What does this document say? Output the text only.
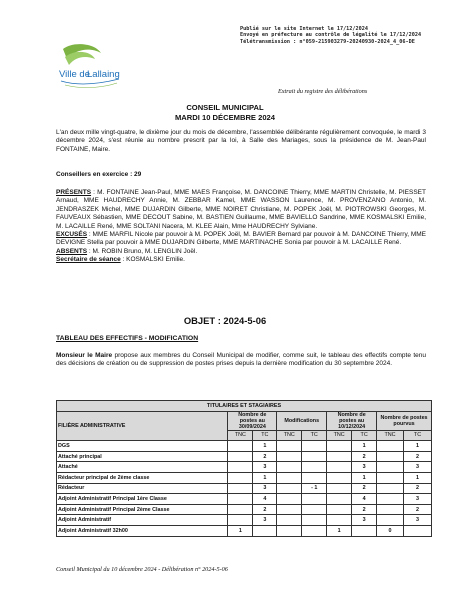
Publié sur le site Internet le 17/12/2024
Envoyé en préfecture au contrôle de légalité le 17/12/2024
Télétransmission : n°059-215903279-20240930-2024_4_06-DE
Ville de
Lallaing
Extrait du registre des délibérations
CONSEIL MUNICIPAL
MARDI 10 DÉCEMBRE 2024
L'an deux mille vingt-quatre, le dixième jour du mois de décembre, l'assemblée délibérante régulièrement convoquée, le mardi 3 décembre 2024, s'est réunie au nombre prescrit par la loi, à Salle des Mariages, sous la présidence de M. Jean-Paul FONTAINE, Maire.
Conseillers en exercice : 29
PRÉSENTS : M. FONTAINE Jean-Paul, MME MAES Françoise, M. DANCOINE Thierry, MME MARTIN Christelle, M. PIESSET Arnaud, MME HAUDRECHY Annie, M. ZEBBAR Kamel, MME WASSON Laurence, M. PROVENZANO Antonio, M. JENDRASZEK Michel, MME DUJARDIN Gilberte, MME NOIRET Christiane, M. POPEK Joël, M. PIOTROWSKI Georges, M. FAUVEAUX Sébastien, MME DECOUT Sabine, M. BASTIEN Guillaume, MME BAVIELLO Sandrine, MME KOSMALSKI Emilie, M. LACAILLE René, MME SOLTANI Nacera, M. KLEE Alain, Mme HAUDRECHY Sylviane.
EXCUSÉS : MME MARFIL Nicole par pouvoir à M. POPEK Joël, M. BAVIER Bernard par pouvoir à M. DANCOINE Thierry, MME DEVIGNE Stella par pouvoir à MME DUJARDIN Gilberte, MME MARTINACHE Sonia par pouvoir à M. LACAILLE René.
ABSENTS : M. ROBIN Bruno, M. LENGLIN Joël.
Secrétaire de séance : KOSMALSKI Emilie.
OBJET : 2024-5-06
TABLEAU DES EFFECTIFS - MODIFICATION
Monsieur le Maire propose aux membres du Conseil Municipal de modifier, comme suit, le tableau des effectifs compte tenu des décisions de création ou de suppression de postes prises depuis la dernière modification du 30 septembre 2024.
TITULAIRES ET STAGIAIRES								
FILIÈRE ADMINISTRATIVE	Nombre de postes au 30/09/2024		Modifications		Nombre de postes au 10/12/2024		Nombre de postes pourvus	
	TNC	TC	TNC	TC	TNC	TC	TNC	TC
DGS		1				1		1
Attaché principal		2				2		2
Attaché		3				3		3
Rédacteur principal de 2ème classe		1				1		1
Rédacteur		3		- 1		2		2
Adjoint Administratif Principal 1ère Classe		4				4		3
Adjoint Administratif Principal 2ème Classe		2				2		2
Adjoint Administratif		3				3		3
Adjoint Administratif 32h00	1				1		0	
Conseil Municipal du 10 décembre 2024 - Délibération n° 2024-5-06
